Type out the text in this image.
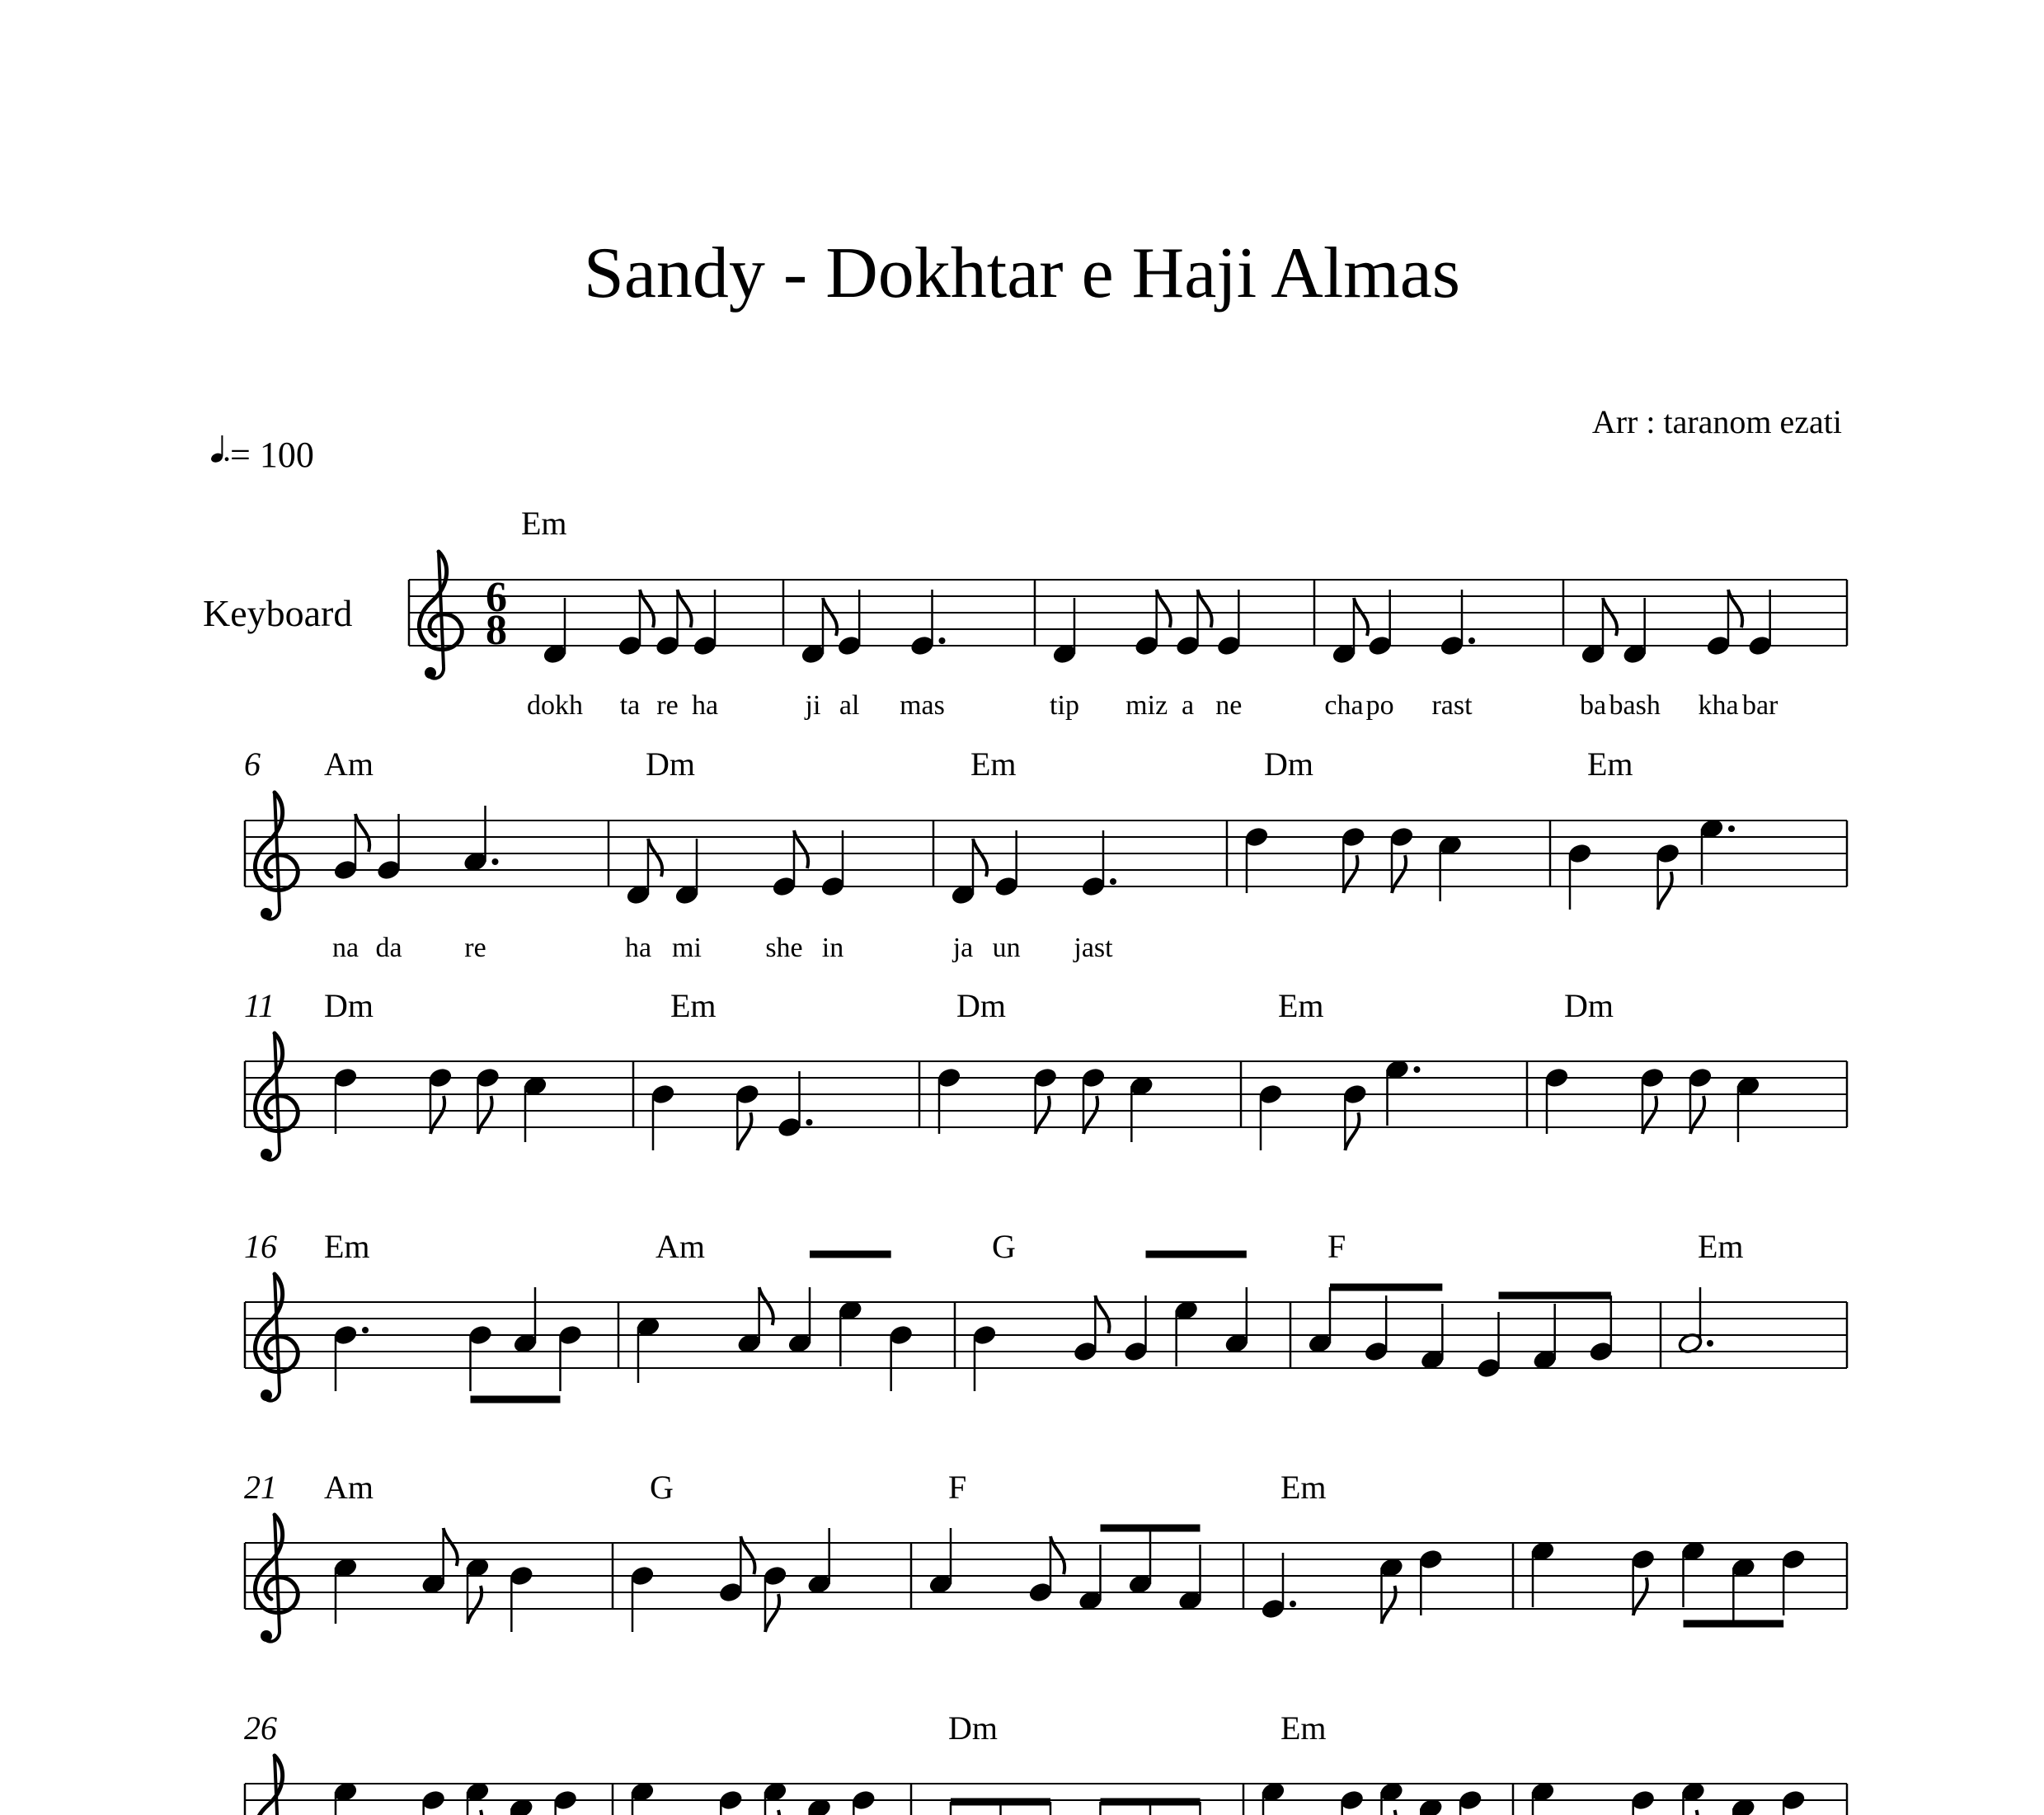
Sandy - Dokhtar e Haji Almas
Arr : taranom ezati
= 100
Keyboard	6
8
Em
dokh ta re ha	ji al mas	tip miz a ne	cha po rast	ba bash kha bar
6 Am
na da re
Dm
ha mi she in
Em
ja un jast
Dm	Em
11 Dm	Em	Dm	Em	Dm
16 Em	Am	G	F	Em
21 Am	G	F	Em
26	Dm	Em
